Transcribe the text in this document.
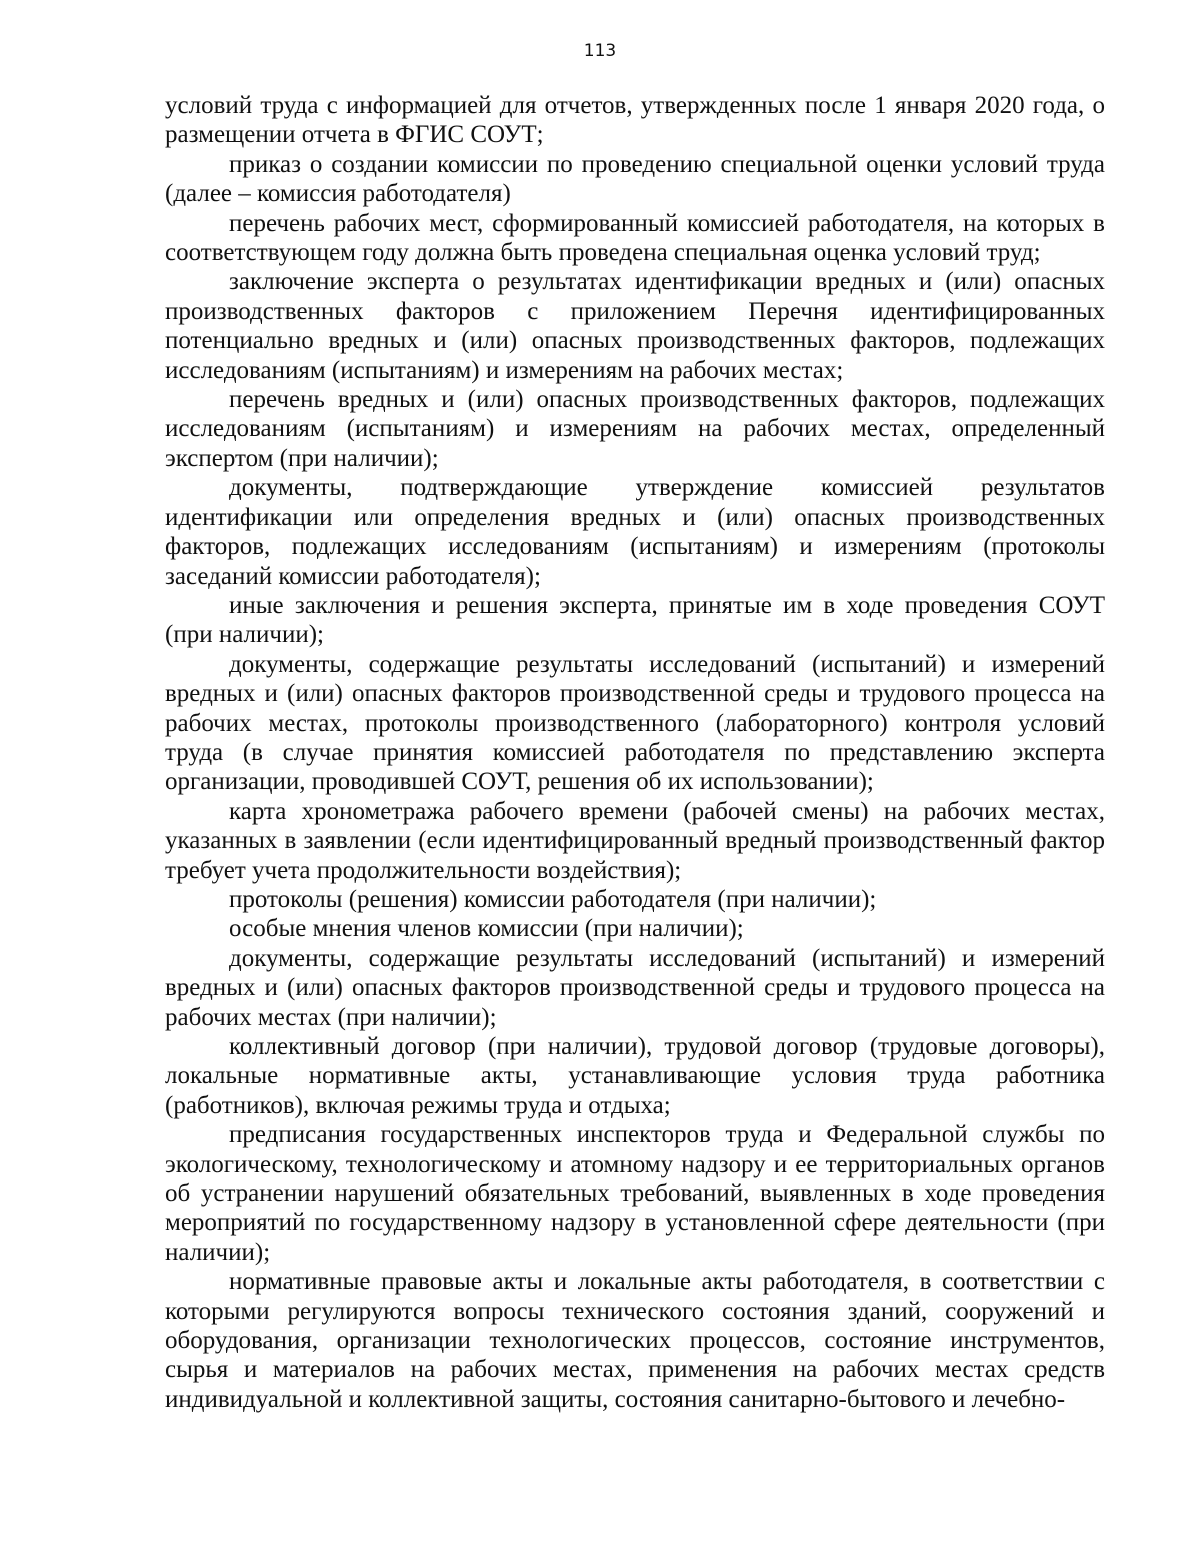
113

условий труда с информацией для отчетов, утвержденных после 1 января 2020 года, о размещении отчета в ФГИС СОУТ;

приказ о создании комиссии по проведению специальной оценки условий труда (далее – комиссия работодателя)

перечень рабочих мест, сформированный комиссией работодателя, на которых в соответствующем году должна быть проведена специальная оценка условий труд;

заключение эксперта о результатах идентификации вредных и (или) опасных производственных факторов с приложением Перечня идентифицированных потенциально вредных и (или) опасных производственных факторов, подлежащих исследованиям (испытаниям) и измерениям на рабочих местах;

перечень вредных и (или) опасных производственных факторов, подлежащих исследованиям (испытаниям) и измерениям на рабочих местах, определенный экспертом (при наличии);

документы, подтверждающие утверждение комиссией результатов идентификации или определения вредных и (или) опасных производственных факторов, подлежащих исследованиям (испытаниям) и измерениям (протоколы заседаний комиссии работодателя);

иные заключения и решения эксперта, принятые им в ходе проведения СОУТ (при наличии);

документы, содержащие результаты исследований (испытаний) и измерений вредных и (или) опасных факторов производственной среды и трудового процесса на рабочих местах, протоколы производственного (лабораторного) контроля условий труда (в случае принятия комиссией работодателя по представлению эксперта организации, проводившей СОУТ, решения об их использовании);

карта хронометража рабочего времени (рабочей смены) на рабочих местах, указанных в заявлении (если идентифицированный вредный производственный фактор требует учета продолжительности воздействия);

протоколы (решения) комиссии работодателя (при наличии);

особые мнения членов комиссии (при наличии);

документы, содержащие результаты исследований (испытаний) и измерений вредных и (или) опасных факторов производственной среды и трудового процесса на рабочих местах (при наличии);

коллективный договор (при наличии), трудовой договор (трудовые договоры), локальные нормативные акты, устанавливающие условия труда работника (работников), включая режимы труда и отдыха;

предписания государственных инспекторов труда и Федеральной службы по экологическому, технологическому и атомному надзору и ее территориальных органов об устранении нарушений обязательных требований, выявленных в ходе проведения мероприятий по государственному надзору в установленной сфере деятельности (при наличии);

нормативные правовые акты и локальные акты работодателя, в соответствии с которыми регулируются вопросы технического состояния зданий, сооружений и оборудования, организации технологических процессов, состояние инструментов, сырья и материалов на рабочих местах, применения на рабочих местах средств индивидуальной и коллективной защиты, состояния санитарно-бытового и лечебно-
